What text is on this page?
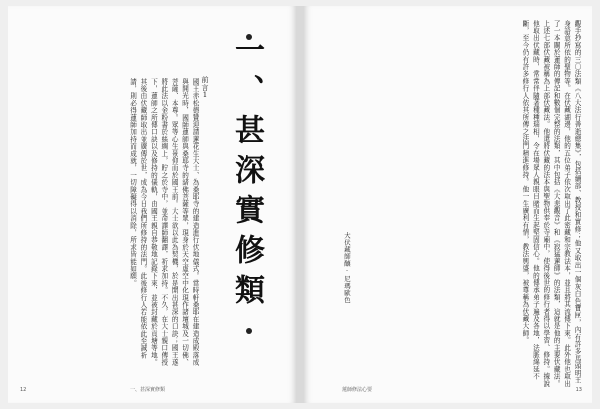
一、甚深實修類
前言1
國王赤松德贊迎請蓮花生大士、為桑耶寺的建造進行伏地儀式。當時軒桑耶在建造成殿落成與開光時，國師蓮師與桑耶寺的諸佛菩薩等眾，現身於天空虛空中化現作諸壇城及一切佛、菩薩、本尊。眾等心生景仰而於國王前。大士欲以此為契機，於是開出甚深的口訣；國王遂將此法以金粉書於絲綢上，貯之於寺中，並命譯師翻譯，祈求加持。不久，在大士親口傳授下，蓮師之所傳口訣以及修持的儀軌，由國王親自恭敬地記錄下來，並被封藏於貢塘等地。其後由伏藏師取出並廣傳於世，成為今日我們所修持的法門。此後修行人若能依此至誠祈請，則必得蓮師加持而成就，一切障礙得以消除，所求皆能如願。
12	一、甚深實修類
觀手抄寫的三〇法類《八大法行善逝總集》，包括續部、教授和實修；他又取出一個灰白色寶匣，內有許多馬頭明王身語意所依的聖物等。在伏藏湖邊，他的五位弟子依次取出了此密藏和宗教法本，並且將其流傳下來。此外他也取出了一本關於蓮師的傳記和數個完整的法類，其中包括《大悲觀音》和《寂猛蓮師》的法類，這就是他的主要伏藏法。上述七部伏藏被稱為上部伏藏法。他還將伏藏的法本與聖物供奉於寺廟中，使得後世的修行者得以學習、修持。據說他取出伏藏時，常常伴隨著種種瑞相，令在場眾人親眼目睹而生起堅固信心。他的傳承弟子遍及各地，法脈綿延不斷，至今仍有許多修行人依其所傳之法門精進修持。他一生廣利有情，教法興盛，被尊稱為伏藏大師。
大伏藏師釀·尼瑪歐色
蓮師修法心要	13
